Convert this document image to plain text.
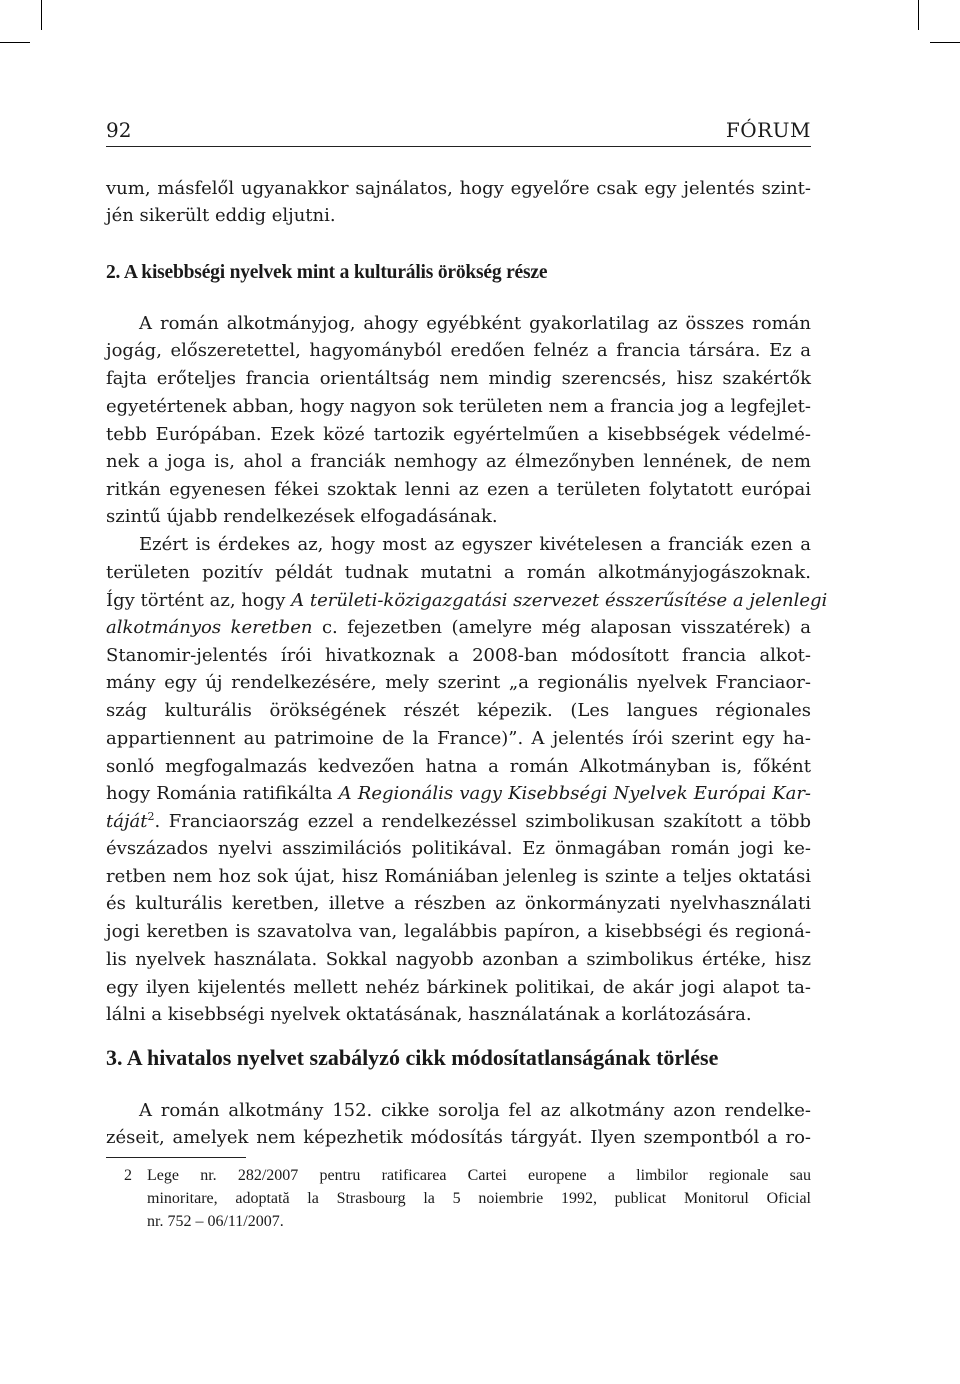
92	FÓRUM
vum, másfelől ugyanakkor sajnálatos, hogy egyelőre csak egy jelentés szint-
jén sikerült eddig eljutni.
2. A kisebbségi nyelvek mint a kulturális örökség része
A román alkotmányjog, ahogy egyébként gyakorlatilag az összes román
jogág, előszeretettel, hagyományból eredően felnéz a francia társára. Ez a
fajta erőteljes francia orientáltság nem mindig szerencsés, hisz szakértők
egyetértenek abban, hogy nagyon sok területen nem a francia jog a legfejlet-
tebb Európában. Ezek közé tartozik egyértelműen a kisebbségek védelmé-
nek a joga is, ahol a franciák nemhogy az élmezőnyben lennének, de nem
ritkán egyenesen fékei szoktak lenni az ezen a területen folytatott európai
szintű újabb rendelkezések elfogadásának.
Ezért is érdekes az, hogy most az egyszer kivételesen a franciák ezen a
területen pozitív példát tudnak mutatni a román alkotmányjogászoknak.
Így történt az, hogy A területi-közigazgatási szervezet ésszerűsítése a jelenlegi
alkotmányos keretben c. fejezetben (amelyre még alaposan visszatérek) a
Stanomir-jelentés írói hivatkoznak a 2008-ban módosított francia alkot-
mány egy új rendelkezésére, mely szerint „a regionális nyelvek Franciaor-
szág kulturális örökségének részét képezik. (Les langues régionales
appartiennent au patrimoine de la France)”. A jelentés írói szerint egy ha-
sonló megfogalmazás kedvezően hatna a román Alkotmányban is, főként
hogy Románia ratifikálta A Regionális vagy Kisebbségi Nyelvek Európai Kar-
táját$^2$. Franciaország ezzel a rendelkezéssel szimbolikusan szakított a több
évszázados nyelvi asszimilációs politikával. Ez önmagában román jogi ke-
retben nem hoz sok újat, hisz Romániában jelenleg is szinte a teljes oktatási
és kulturális keretben, illetve a részben az önkormányzati nyelvhasználati
jogi keretben is szavatolva van, legalábbis papíron, a kisebbségi és regioná-
lis nyelvek használata. Sokkal nagyobb azonban a szimbolikus értéke, hisz
egy ilyen kijelentés mellett nehéz bárkinek politikai, de akár jogi alapot ta-
lálni a kisebbségi nyelvek oktatásának, használatának a korlátozására.
3. A hivatalos nyelvet szabályzó cikk módosítatlanságának törlése
A román alkotmány 152. cikke sorolja fel az alkotmány azon rendelke-
zéseit, amelyek nem képezhetik módosítás tárgyát. Ilyen szempontból a ro-
2 Lege nr. 282/2007 pentru ratificarea Cartei europene a limbilor regionale sau
minoritare, adoptată la Strasbourg la 5 noiembrie 1992, publicat Monitorul Oficial
nr. 752 – 06/11/2007.
